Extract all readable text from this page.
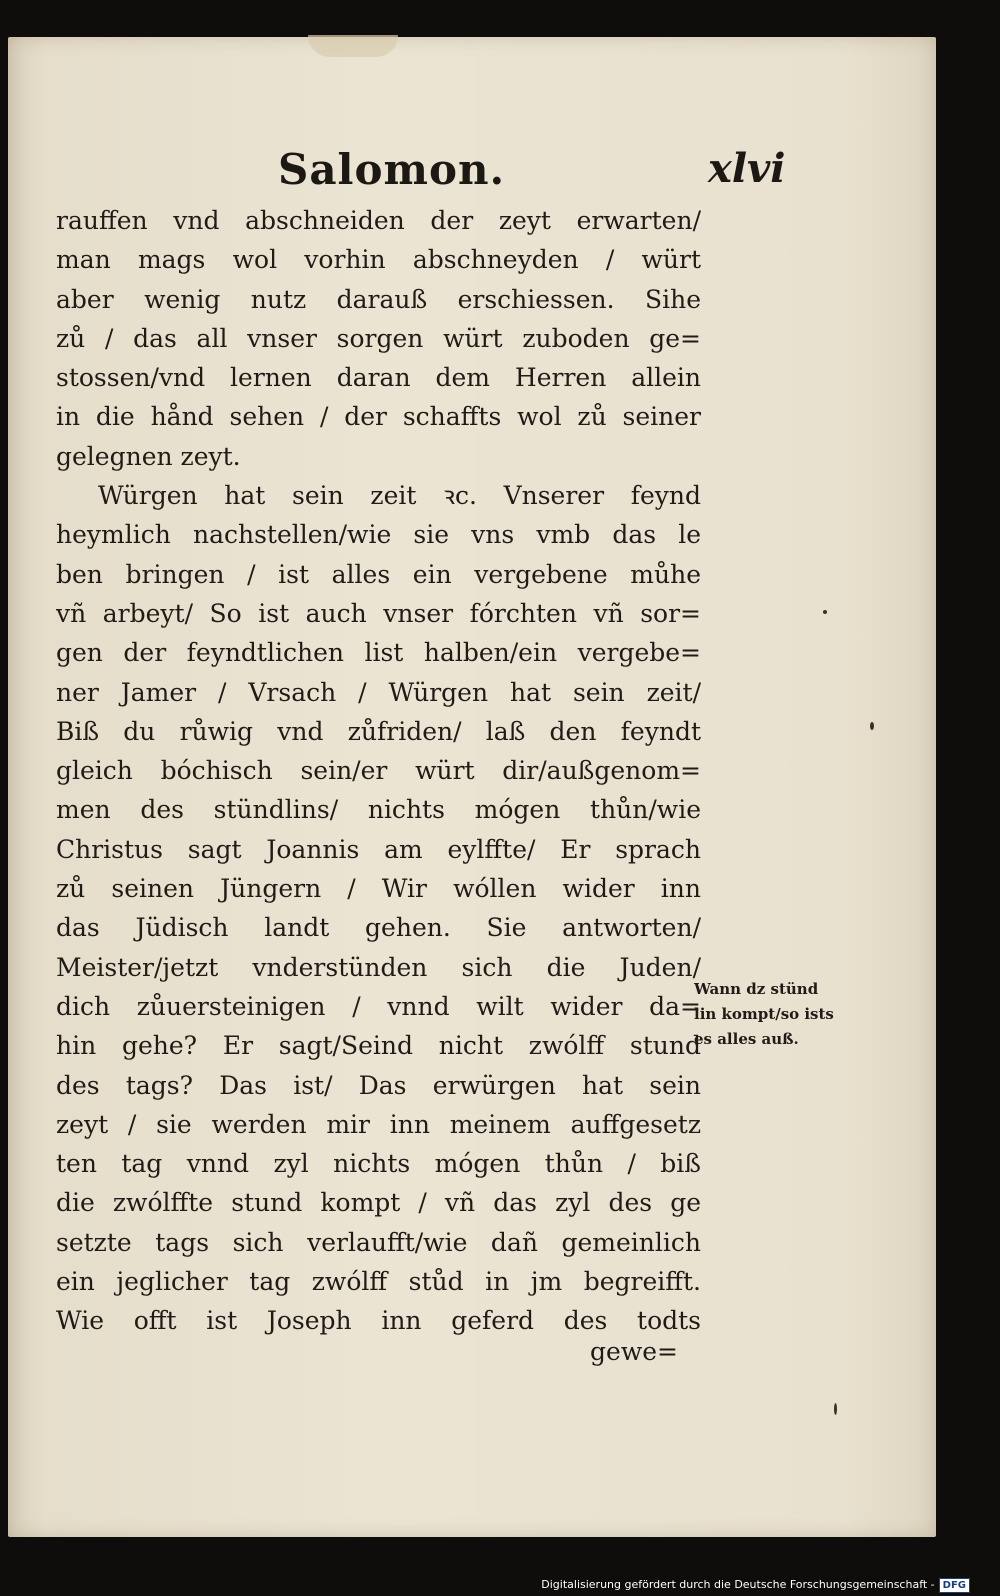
Salomon.	xlvi
rauffen vnd abschneiden der zeyt erwarten/
man mags wol vorhin abschneyden / würt
aber wenig nutz darauß erschiessen. Sihe
zů / das all vnser sorgen würt zuboden ge=
stossen/vnd lernen daran dem Herren allein
in die hånd sehen / der schaffts wol zů seiner
gelegnen zeyt.
Würgen hat sein zeit ꝛc. Vnserer feynd
heymlich nachstellen/wie sie vns vmb das le
ben bringen / ist alles ein vergebene můhe
vñ arbeyt/ So ist auch vnser fórchten vñ sor=
gen der feyndtlichen list halben/ein vergebe=
ner Jamer / Vrsach / Würgen hat sein zeit/
Biß du růwig vnd zůfriden/ laß den feyndt
gleich bóchisch sein/er würt dir/außgenom=
men des stündlins/ nichts mógen thůn/wie
Christus sagt Joannis am eylffte/ Er sprach
zů seinen Jüngern / Wir wóllen wider inn
das Jüdisch landt gehen. Sie antworten/
Meister/jetzt vnderstünden sich die Juden/
dich zůuersteinigen / vnnd wilt wider da=
hin gehe? Er sagt/Seind nicht zwólff stund
des tags? Das ist/ Das erwürgen hat sein
zeyt / sie werden mir inn meinem auffgesetz
ten tag vnnd zyl nichts mógen thůn / biß
die zwólffte stund kompt / vñ das zyl des ge
setzte tags sich verlaufft/wie dañ gemeinlich
ein jeglicher tag zwólff stůd in jm begreifft.
Wie offt ist Joseph inn geferd des todts
gewe=
Wann dz stünd
lin kompt/so ists
es alles auß.
Digitalisierung gefördert durch die Deutsche Forschungsgemeinschaft - DFG
